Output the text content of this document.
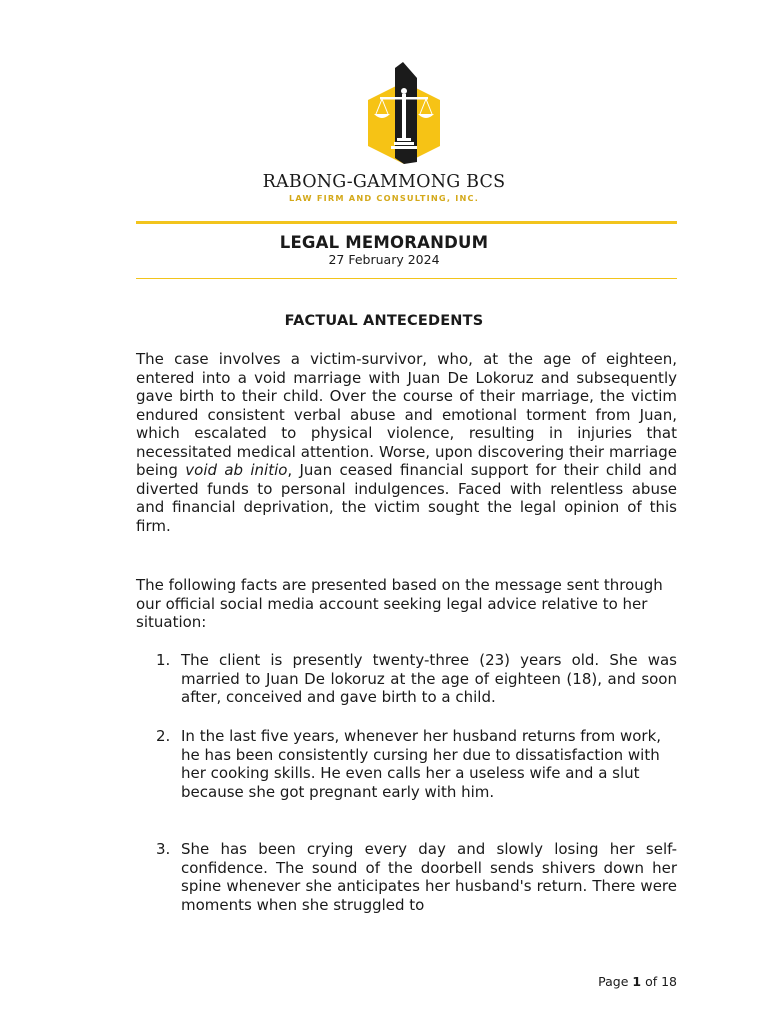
RABONG-GAMMONG BCS
LAW FIRM AND CONSULTING, INC.
LEGAL MEMORANDUM
27 February 2024
FACTUAL ANTECEDENTS

The case involves a victim-survivor, who, at the age of eighteen, entered into a void marriage with Juan De Lokoruz and subsequently gave birth to their child. Over the course of their marriage, the victim endured consistent verbal abuse and emotional torment from Juan, which escalated to physical violence, resulting in injuries that necessitated medical attention. Worse, upon discovering their marriage being void ab initio, Juan ceased financial support for their child and diverted funds to personal indulgences. Faced with relentless abuse and financial deprivation, the victim sought the legal opinion of this firm.

The following facts are presented based on the message sent through our official social media account seeking legal advice relative to her situation:

1. The client is presently twenty-three (23) years old. She was married to Juan De lokoruz at the age of eighteen (18), and soon after, conceived and gave birth to a child.
2. In the last five years, whenever her husband returns from work, he has been consistently cursing her due to dissatisfaction with her cooking skills. He even calls her a useless wife and a slut because she got pregnant early with him.
3. She has been crying every day and slowly losing her self-confidence. The sound of the doorbell sends shivers down her spine whenever she anticipates her husband's return. There were moments when she struggled to
Page 1 of 18
